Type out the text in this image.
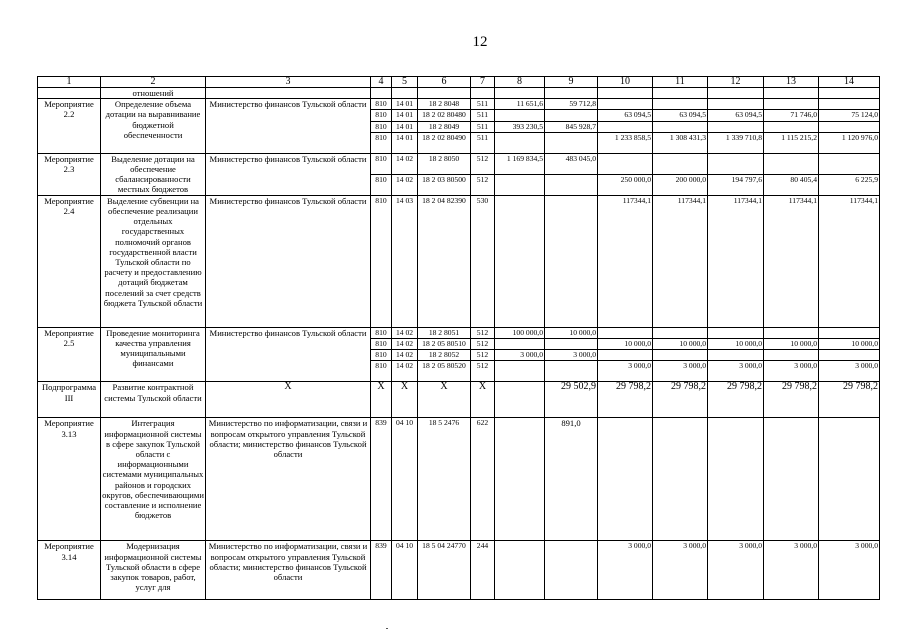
12
1	2	3	4	5	6	7	8	9	10	11	12	13	14
	отношений												
Мероприятие 2.2	Определение объема дотации на выравнивание бюджетной обеспеченности	Министерство финансов Тульской области	810	14 01	18 2 8048	511	11 651,6	59 712,8					
			810	14 01	18 2 02 80480	511			63 094,5	63 094,5	63 094,5	71 746,0	75 124,0
			810	14 01	18 2 8049	511	393 230,5	845 928,7					
			810	14 01	18 2 02 80490	511			1 233 858,5	1 308 431,3	1 339 710,8	1 115 215,2	1 120 976,0
Мероприятие 2.3	Выделение дотации на обеспечение сбалансированности местных бюджетов	Министерство финансов Тульской области	810	14 02	18 2 8050	512	1 169 834,5	483 045,0					
			810	14 02	18 2 03 80500	512			250 000,0	200 000,0	194 797,6	80 405,4	6 225,9
Мероприятие 2.4	Выделение субвенции на обеспечение реализации отдельных государственных полномочий органов государственной власти Тульской области по расчету и предоставлению дотаций бюджетам поселений за счет средств бюджета Тульской области	Министерство финансов Тульской области	810	14 03	18 2 04 82390	530			117344,1	117344,1	117344,1	117344,1	117344,1
Мероприятие 2.5	Проведение мониторинга качества управления муниципальными финансами	Министерство финансов Тульской области	810	14 02	18 2 8051	512	100 000,0	10 000,0					
			810	14 02	18 2 05 80510	512			10 000,0	10 000,0	10 000,0	10 000,0	10 000,0
			810	14 02	18 2 8052	512	3 000,0	3 000,0					
			810	14 02	18 2 05 80520	512			3 000,0	3 000,0	3 000,0	3 000,0	3 000,0
Подпрограмма III	Развитие контрактной системы Тульской области	Х	Х	Х	Х	Х		29 502,9	29 798,2	29 798,2	29 798,2	29 798,2	29 798,2
Мероприятие 3.13	Интеграция информационной системы в сфере закупок Тульской области с информационными системами муниципальных районов и городских округов, обеспечивающими составление и исполнение бюджетов	Министерство по информатизации, связи и вопросам открытого управления Тульской области; министерство финансов Тульской области	839	04 10	18 5 2476	622		891,0					
Мероприятие 3.14	Модернизация информационной системы Тульской области в сфере закупок товаров, работ, услуг для	Министерство по информатизации, связи и вопросам открытого управления Тульской области; министерство финансов Тульской области	839	04 10	18 5 04 24770	244			3 000,0	3 000,0	3 000,0	3 000,0	3 000,0
